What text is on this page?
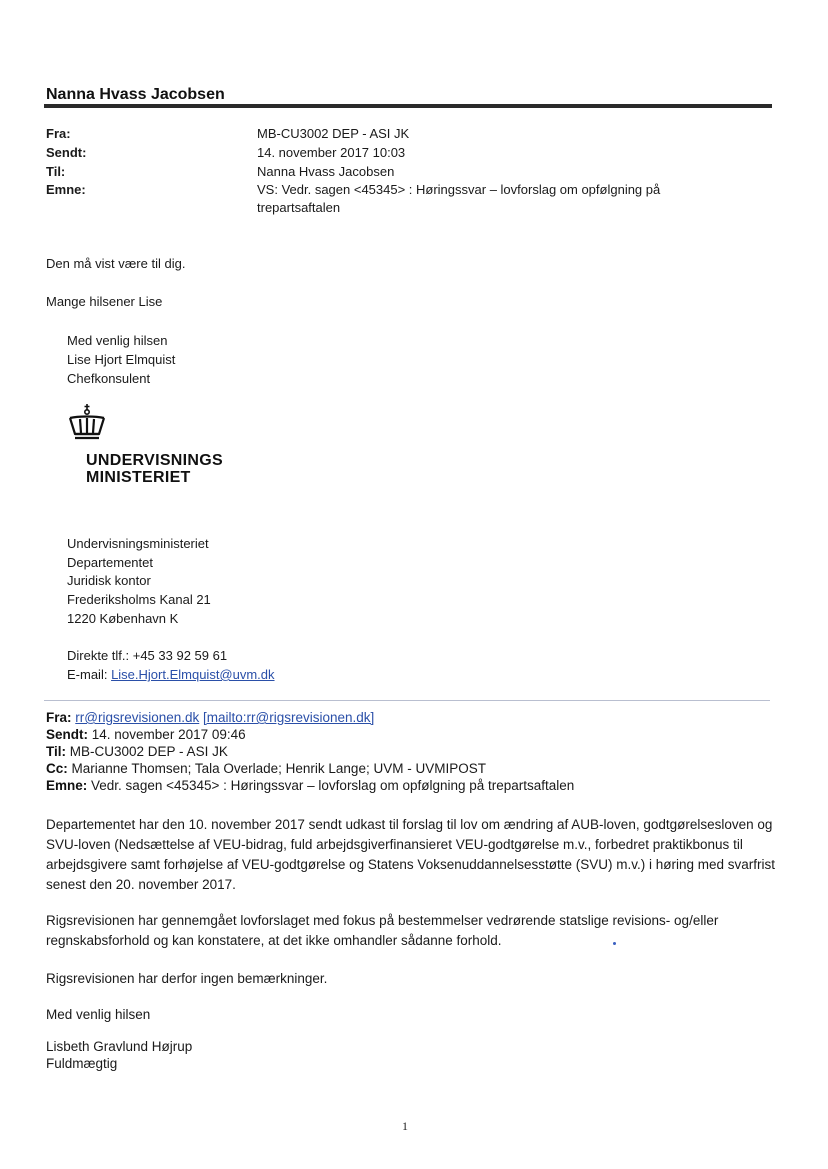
Nanna Hvass Jacobsen
Fra:	MB-CU3002 DEP - ASI JK
Sendt:	14. november 2017 10:03
Til:	Nanna Hvass Jacobsen
Emne:	VS: Vedr. sagen <45345> : Høringssvar – lovforslag om opfølgning på trepartsaftalen
Den må vist være til dig.
Mange hilsener Lise
Med venlig hilsen
Lise Hjort Elmquist
Chefkonsulent
UNDERVISNINGS
MINISTERIET
Undervisningsministeriet
Departementet
Juridisk kontor
Frederiksholms Kanal 21
1220 København K
Direkte tlf.: +45 33 92 59 61
E-mail: Lise.Hjort.Elmquist@uvm.dk
Fra: rr@rigsrevisionen.dk [mailto:rr@rigsrevisionen.dk]
Sendt: 14. november 2017 09:46
Til: MB-CU3002 DEP - ASI JK
Cc: Marianne Thomsen; Tala Overlade; Henrik Lange; UVM - UVMIPOST
Emne: Vedr. sagen <45345> : Høringssvar – lovforslag om opfølgning på trepartsaftalen
Departementet har den 10. november 2017 sendt udkast til forslag til lov om ændring af AUB-loven, godtgørelsesloven og SVU-loven (Nedsættelse af VEU-bidrag, fuld arbejdsgiverfinansieret VEU-godtgørelse m.v., forbedret praktikbonus til arbejdsgivere samt forhøjelse af VEU-godtgørelse og Statens Voksenuddannelsesstøtte (SVU) m.v.) i høring med svarfrist senest den 20. november 2017.
Rigsrevisionen har gennemgået lovforslaget med fokus på bestemmelser vedrørende statslige revisions- og/eller regnskabsforhold og kan konstatere, at det ikke omhandler sådanne forhold.
Rigsrevisionen har derfor ingen bemærkninger.
Med venlig hilsen
Lisbeth Gravlund Højrup
Fuldmægtig
1
